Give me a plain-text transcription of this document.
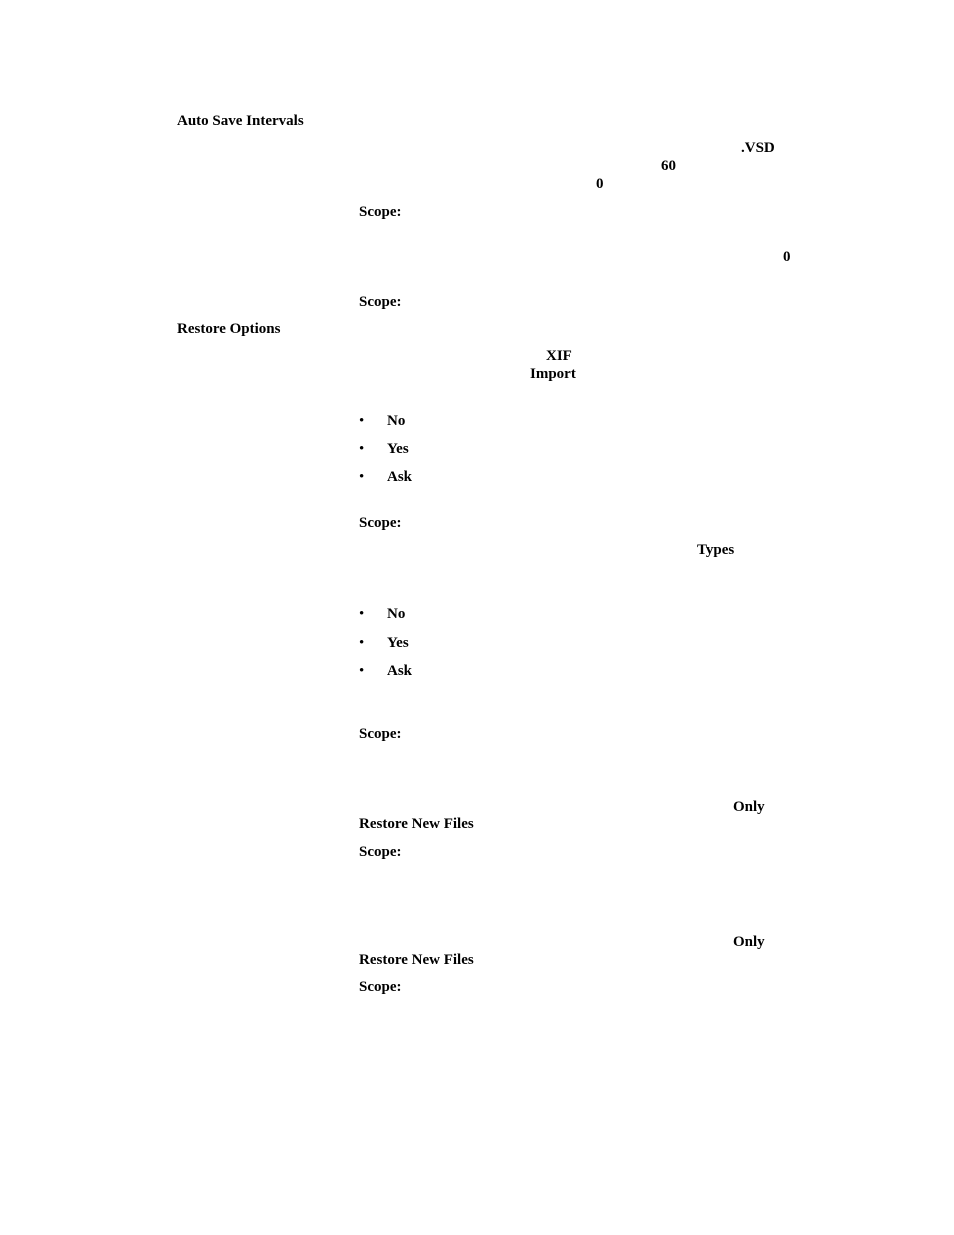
Auto Save Intervals
.VSD
60
0
Scope:
0
Scope:
Restore Options
XIF
Import
• No
• Yes
• Ask
Scope:
Types
• No
• Yes
• Ask
Scope:
Only
Restore New Files
Scope:
Only
Restore New Files
Scope:
